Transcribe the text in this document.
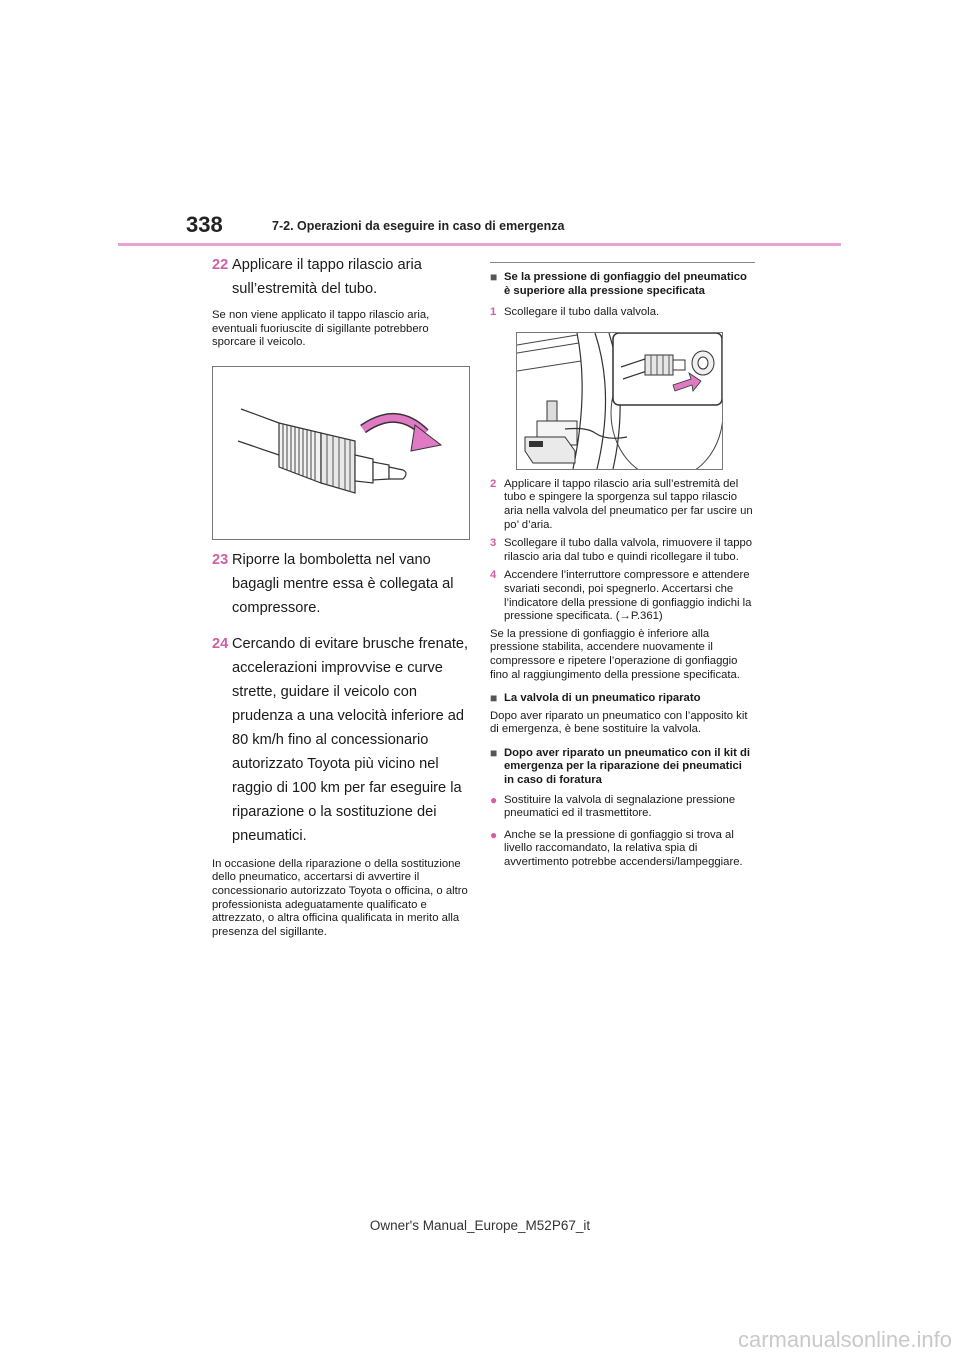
338	7-2. Operazioni da eseguire in caso di emergenza
22 Applicare il tappo rilascio aria sull’estremità del tubo.
Se non viene applicato il tappo rilascio aria, eventuali fuoriuscite di sigillante potrebbero sporcare il veicolo.
23 Riporre la bomboletta nel vano bagagli mentre essa è collegata al compressore.
24 Cercando di evitare brusche frenate, accelerazioni improvvise e curve strette, guidare il veicolo con prudenza a una velocità inferiore ad 80 km/h fino al concessionario autorizzato Toyota più vicino nel raggio di 100 km per far eseguire la riparazione o la sostituzione dei pneumatici.
In occasione della riparazione o della sostituzione dello pneumatico, accertarsi di avvertire il concessionario autorizzato Toyota o officina, o altro professionista adeguatamente qualificato e attrezzato, o altra officina qualificata in merito alla presenza del sigillante.
■ Se la pressione di gonfiaggio del pneumatico è superiore alla pressione specificata
1 Scollegare il tubo dalla valvola.
2 Applicare il tappo rilascio aria sull’estremità del tubo e spingere la sporgenza sul tappo rilascio aria nella valvola del pneumatico per far uscire un po’ d’aria.
3 Scollegare il tubo dalla valvola, rimuovere il tappo rilascio aria dal tubo e quindi ricollegare il tubo.
4 Accendere l’interruttore compressore e attendere svariati secondi, poi spegnerlo. Accertarsi che l’indicatore della pressione di gonfiaggio indichi la pressione specificata. (→P.361)
Se la pressione di gonfiaggio è inferiore alla pressione stabilita, accendere nuovamente il compressore e ripetere l’operazione di gonfiaggio fino al raggiungimento della pressione specificata.
■ La valvola di un pneumatico riparato
Dopo aver riparato un pneumatico con l’apposito kit di emergenza, è bene sostituire la valvola.
■ Dopo aver riparato un pneumatico con il kit di emergenza per la riparazione dei pneumatici in caso di foratura
● Sostituire la valvola di segnalazione pressione pneumatici ed il trasmettitore.
● Anche se la pressione di gonfiaggio si trova al livello raccomandato, la relativa spia di avvertimento potrebbe accendersi/lampeggiare.
Owner's Manual_Europe_M52P67_it
carmanualsonline.info
